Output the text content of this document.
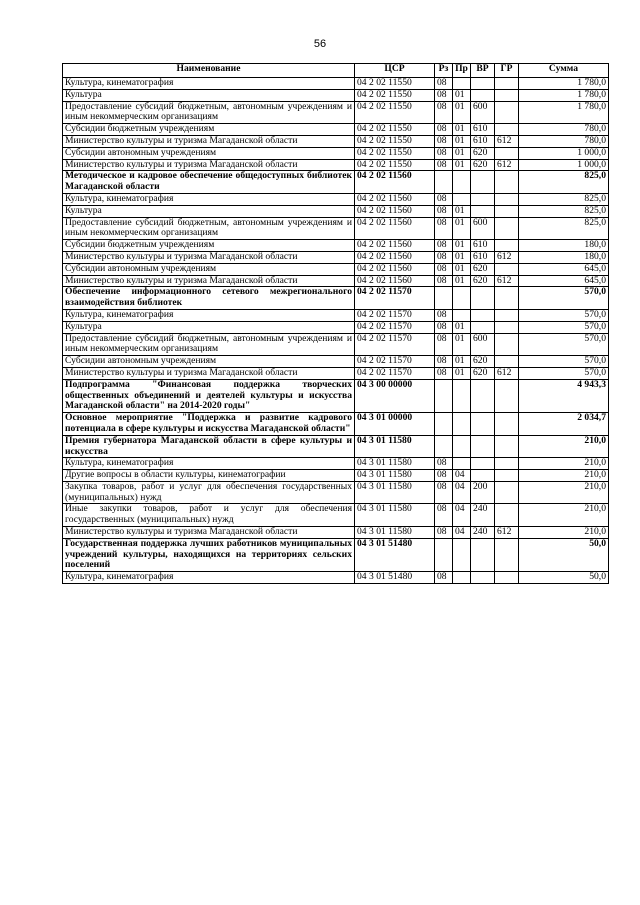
56
Наименование	ЦСР	Рз	Пр	ВР	ГР	Сумма
Культура, кинематография	04 2 02 11550	08				1 780,0
Культура	04 2 02 11550	08	01			1 780,0
Предоставление субсидий бюджетным, автономным учреждениям и иным некоммерческим организациям	04 2 02 11550	08	01	600		1 780,0
Субсидии бюджетным учреждениям	04 2 02 11550	08	01	610		780,0
Министерство культуры и туризма Магаданской области	04 2 02 11550	08	01	610	612	780,0
Субсидии автономным учреждениям	04 2 02 11550	08	01	620		1 000,0
Министерство культуры и туризма Магаданской области	04 2 02 11550	08	01	620	612	1 000,0
Методическое и кадровое обеспечение общедоступных библиотек Магаданской области	04 2 02 11560					825,0
Культура, кинематография	04 2 02 11560	08				825,0
Культура	04 2 02 11560	08	01			825,0
Предоставление субсидий бюджетным, автономным учреждениям и иным некоммерческим организациям	04 2 02 11560	08	01	600		825,0
Субсидии бюджетным учреждениям	04 2 02 11560	08	01	610		180,0
Министерство культуры и туризма Магаданской области	04 2 02 11560	08	01	610	612	180,0
Субсидии автономным учреждениям	04 2 02 11560	08	01	620		645,0
Министерство культуры и туризма Магаданской области	04 2 02 11560	08	01	620	612	645,0
Обеспечение информационного сетевого межрегионального взаимодействия библиотек	04 2 02 11570					570,0
Культура, кинематография	04 2 02 11570	08				570,0
Культура	04 2 02 11570	08	01			570,0
Предоставление субсидий бюджетным, автономным учреждениям и иным некоммерческим организациям	04 2 02 11570	08	01	600		570,0
Субсидии автономным учреждениям	04 2 02 11570	08	01	620		570,0
Министерство культуры и туризма Магаданской области	04 2 02 11570	08	01	620	612	570,0
Подпрограмма "Финансовая поддержка творческих общественных объединений и деятелей культуры и искусства Магаданской области" на 2014-2020 годы"	04 3 00 00000					4 943,3
Основное мероприятие "Поддержка и развитие кадрового потенциала в сфере культуры и искусства Магаданской области"	04 3 01 00000					2 034,7
Премия губернатора Магаданской области в сфере культуры и искусства	04 3 01 11580					210,0
Культура, кинематография	04 3 01 11580	08				210,0
Другие вопросы в области культуры, кинематографии	04 3 01 11580	08	04			210,0
Закупка товаров, работ и услуг для обеспечения государственных (муниципальных) нужд	04 3 01 11580	08	04	200		210,0
Иные закупки товаров, работ и услуг для обеспечения государственных (муниципальных) нужд	04 3 01 11580	08	04	240		210,0
Министерство культуры и туризма Магаданской области	04 3 01 11580	08	04	240	612	210,0
Государственная поддержка лучших работников муниципальных учреждений культуры, находящихся на территориях сельских поселений	04 3 01 51480					50,0
Культура, кинематография	04 3 01 51480	08				50,0
